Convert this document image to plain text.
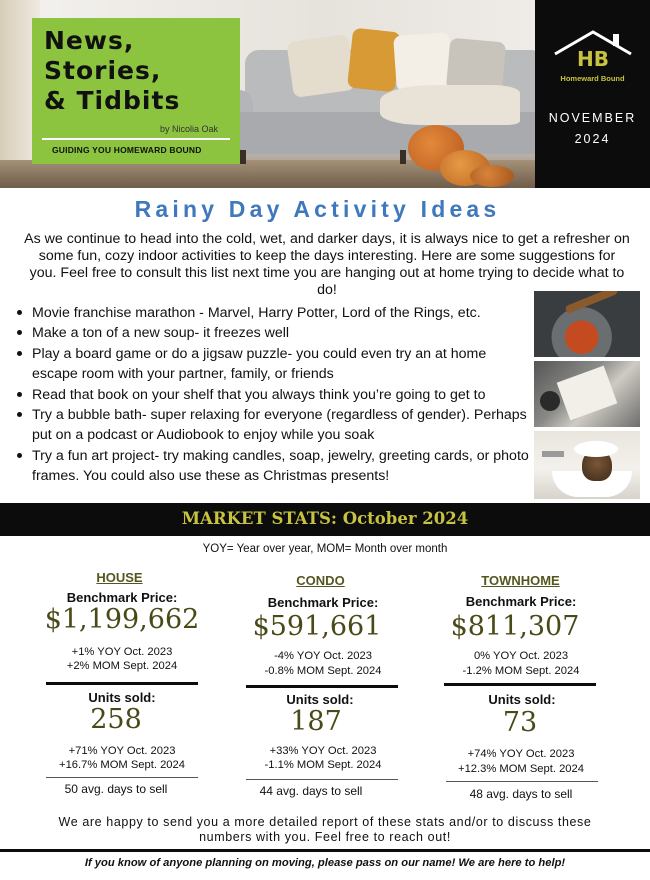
News,
Stories,
& Tidbits
by Nicolia Oak
GUIDING YOU HOMEWARD BOUND
HB
Homeward Bound
NOVEMBER
2024
Rainy Day Activity Ideas
As we continue to head into the cold, wet, and darker days, it is always nice to get a refresher on some fun, cozy indoor activities to keep the days interesting. Here are some suggestions for you. Feel free to consult this list next time you are hanging out at home trying to decide what to do!
Movie franchise marathon - Marvel, Harry Potter, Lord of the Rings, etc.
Make a ton of a new soup- it freezes well
Play a board game or do a jigsaw puzzle- you could even try an at home escape room with your partner, family, or friends
Read that book on your shelf that you always think you’re going to get to
Try a bubble bath- super relaxing for everyone (regardless of gender). Perhaps put on a podcast or Audiobook to enjoy while you soak
Try a fun art project- try making candles, soap, jewelry, greeting cards, or photo frames. You could also use these as Christmas presents!
MARKET STATS: October 2024
YOY= Year over year, MOM= Month over month
HOUSE
Benchmark Price:
$1,199,662
+1% YOY Oct. 2023
+2% MOM Sept. 2024
Units sold:
258
+71% YOY Oct. 2023
+16.7% MOM Sept. 2024
50 avg. days to sell
CONDO
Benchmark Price:
$591,661
-4% YOY Oct. 2023
-0.8% MOM Sept. 2024
Units sold:
187
+33% YOY Oct. 2023
-1.1% MOM Sept. 2024
44 avg. days to sell
TOWNHOME
Benchmark Price:
$811,307
0% YOY Oct. 2023
-1.2% MOM Sept. 2024
Units sold:
73
+74% YOY Oct. 2023
+12.3% MOM Sept. 2024
48 avg. days to sell
We are happy to send you a more detailed report of these stats and/or to discuss these numbers with you. Feel free to reach out!
If you know of anyone planning on moving, please pass on our name! We are here to help!
